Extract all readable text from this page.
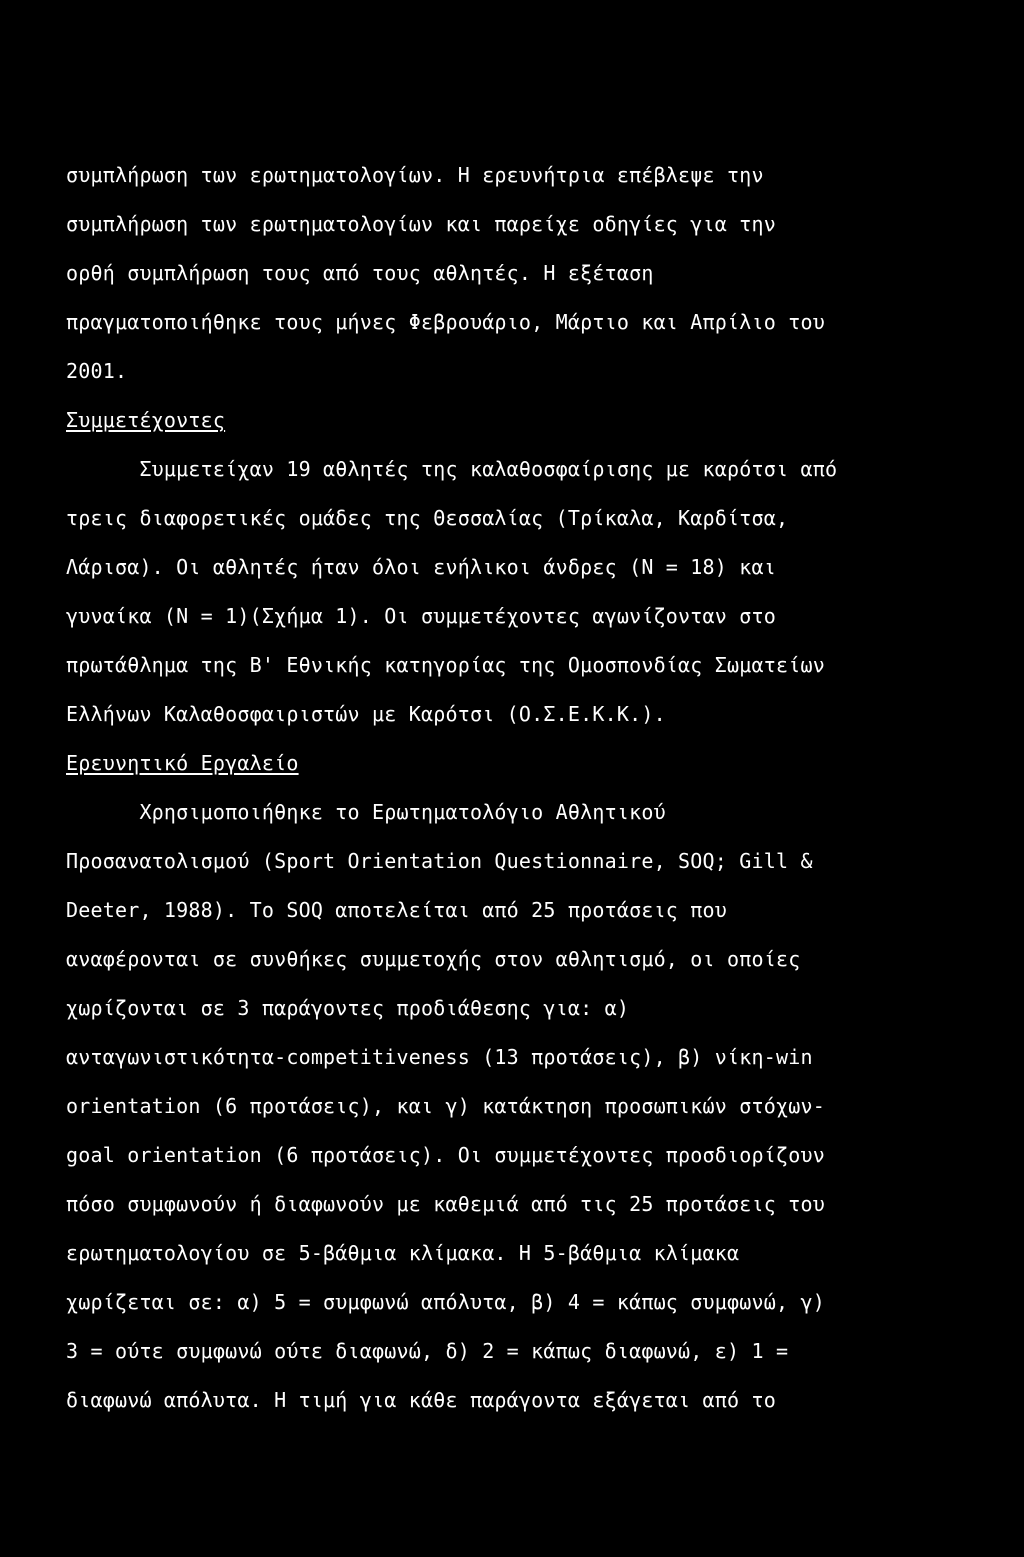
συμπλήρωση των ερωτηματολογίων. Η ερευνήτρια επέβλεψε την
συμπλήρωση των ερωτηματολογίων και παρείχε οδηγίες για την
ορθή συμπλήρωση τους από τους αθλητές. Η εξέταση
πραγματοποιήθηκε τους μήνες Φεβρουάριο, Μάρτιο και Απρίλιο του
2001.
Συμμετέχοντες
Συμμετείχαν 19 αθλητές της καλαθοσφαίρισης με καρότσι από
τρεις διαφορετικές ομάδες της Θεσσαλίας (Τρίκαλα, Καρδίτσα,
Λάρισα). Οι αθλητές ήταν όλοι ενήλικοι άνδρες (Ν = 18) και
γυναίκα (Ν = 1)(Σχήμα 1). Οι συμμετέχοντες αγωνίζονταν στο
πρωτάθλημα της Β' Εθνικής κατηγορίας της Ομοσπονδίας Σωματείων
Ελλήνων Καλαθοσφαιριστών με Καρότσι (Ο.Σ.Ε.Κ.Κ.).
Ερευνητικό Εργαλείο
Χρησιμοποιήθηκε το Ερωτηματολόγιο Αθλητικού
Προσανατολισμού (Sport Orientation Questionnaire, SOQ; Gill &
Deeter, 1988). Το SOQ αποτελείται από 25 προτάσεις που
αναφέρονται σε συνθήκες συμμετοχής στον αθλητισμό, οι οποίες
χωρίζονται σε 3 παράγοντες προδιάθεσης για: α)
ανταγωνιστικότητα-competitiveness (13 προτάσεις), β) νίκη-win
orientation (6 προτάσεις), και γ) κατάκτηση προσωπικών στόχων-
goal orientation (6 προτάσεις). Οι συμμετέχοντες προσδιορίζουν
πόσο συμφωνούν ή διαφωνούν με καθεμιά από τις 25 προτάσεις του
ερωτηματολογίου σε 5-βάθμια κλίμακα. Η 5-βάθμια κλίμακα
χωρίζεται σε: α) 5 = συμφωνώ απόλυτα, β) 4 = κάπως συμφωνώ, γ)
3 = ούτε συμφωνώ ούτε διαφωνώ, δ) 2 = κάπως διαφωνώ, ε) 1 =
διαφωνώ απόλυτα. Η τιμή για κάθε παράγοντα εξάγεται από το
